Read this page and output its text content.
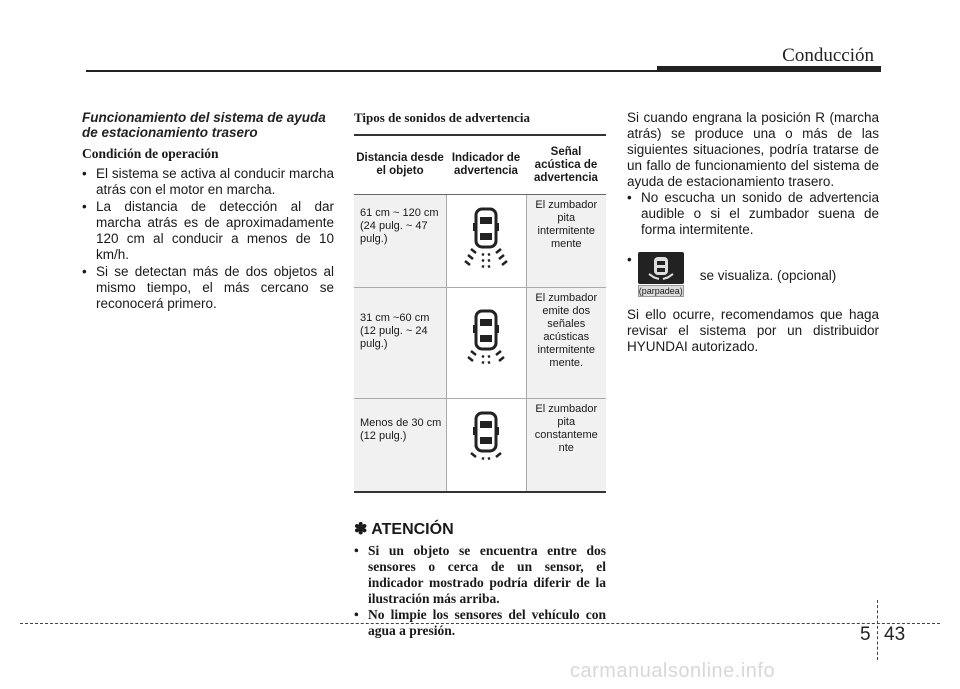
Conducción

Funcionamiento del sistema de ayuda de estacionamiento trasero

Condición de operación

• El sistema se activa al conducir marcha atrás con el motor en marcha.
• La distancia de detección al dar marcha atrás es de aproximadamente 120 cm al conducir a menos de 10 km/h.
• Si se detectan más de dos objetos al mismo tiempo, el más cercano se reconocerá primero.

Tipos de sonidos de advertencia

Distancia desde el objeto	Indicador de advertencia	Señal acústica de advertencia
61 cm ~ 120 cm (24 pulg. ~ 47 pulg.)		El zumbador pita intermitente mente
31 cm ~60 cm (12 pulg. ~ 24 pulg.)		El zumbador emite dos señales acústicas intermitente mente.
Menos de 30 cm (12 pulg.)		El zumbador pita constanteme nte
✽ ATENCIÓN
• Si un objeto se encuentra entre dos sensores o cerca de un sensor, el indicador mostrado podría diferir de la ilustración más arriba.
• No limpie los sensores del vehículo con agua a presión.

Si cuando engrana la posición R (marcha atrás) se produce una o más de las siguientes situaciones, podría tratarse de un fallo de funcionamiento del sistema de ayuda de estacionamiento trasero.

• No escucha un sonido de advertencia audible o si el zumbador suena de forma intermitente.
•
(parpadea)
se visualiza. (opcional)

Si ello ocurre, recomendamos que haga revisar el sistema por un distribuidor HYUNDAI autorizado.

5 43
carmanualsonline.info
